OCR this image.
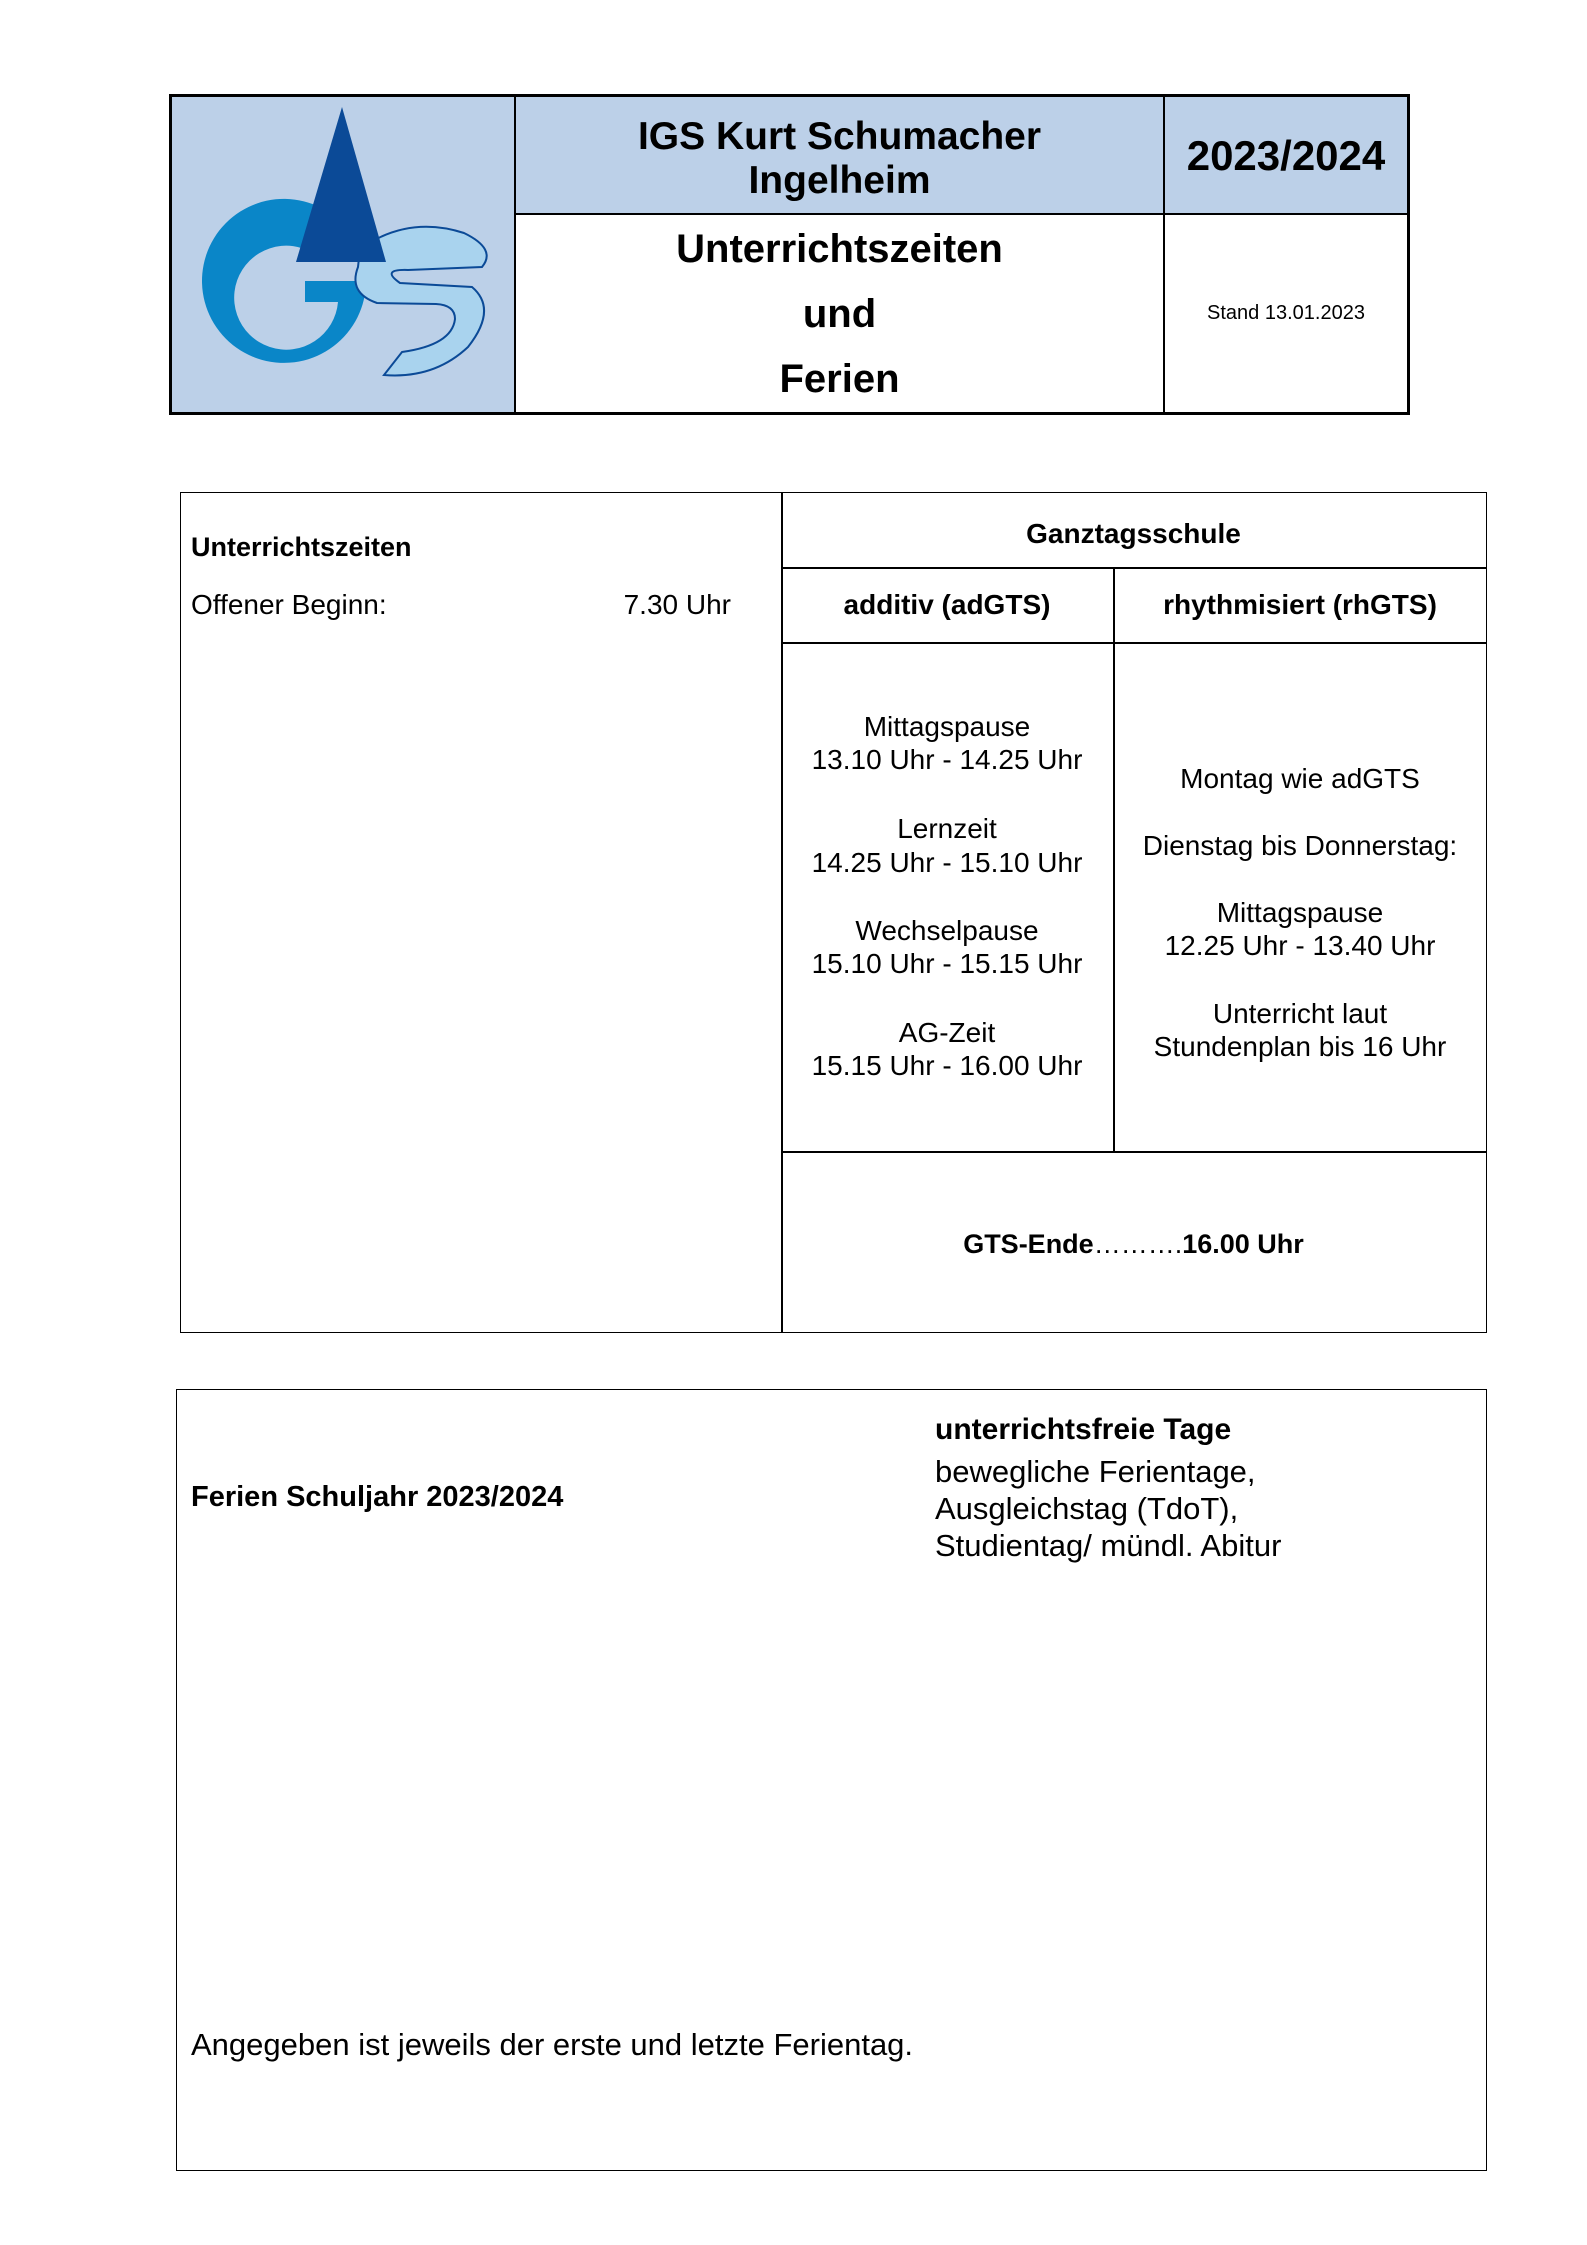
IGS Kurt Schumacher
Ingelheim
2023/2024
Unterrichtszeiten
und
Ferien
Stand 13.01.2023
Unterrichtszeiten
Offener Beginn:	7.30 Uhr
Ganztagsschule
additiv (adGTS)	rhythmisiert (rhGTS)
Mittagspause
13.10 Uhr - 14.25 Uhr
Lernzeit
14.25 Uhr - 15.10 Uhr
Wechselpause
15.10 Uhr - 15.15 Uhr
AG-Zeit
15.15 Uhr - 16.00 Uhr
Montag wie adGTS
Dienstag bis Donnerstag:
Mittagspause
12.25 Uhr - 13.40 Uhr
Unterricht laut
Stundenplan bis 16 Uhr
GTS-Ende……….16.00 Uhr
Ferien Schuljahr 2023/2024
unterrichtsfreie Tage
bewegliche Ferientage,
Ausgleichstag (TdoT),
Studientag/ mündl. Abitur
Angegeben ist jeweils der erste und letzte Ferientag.
